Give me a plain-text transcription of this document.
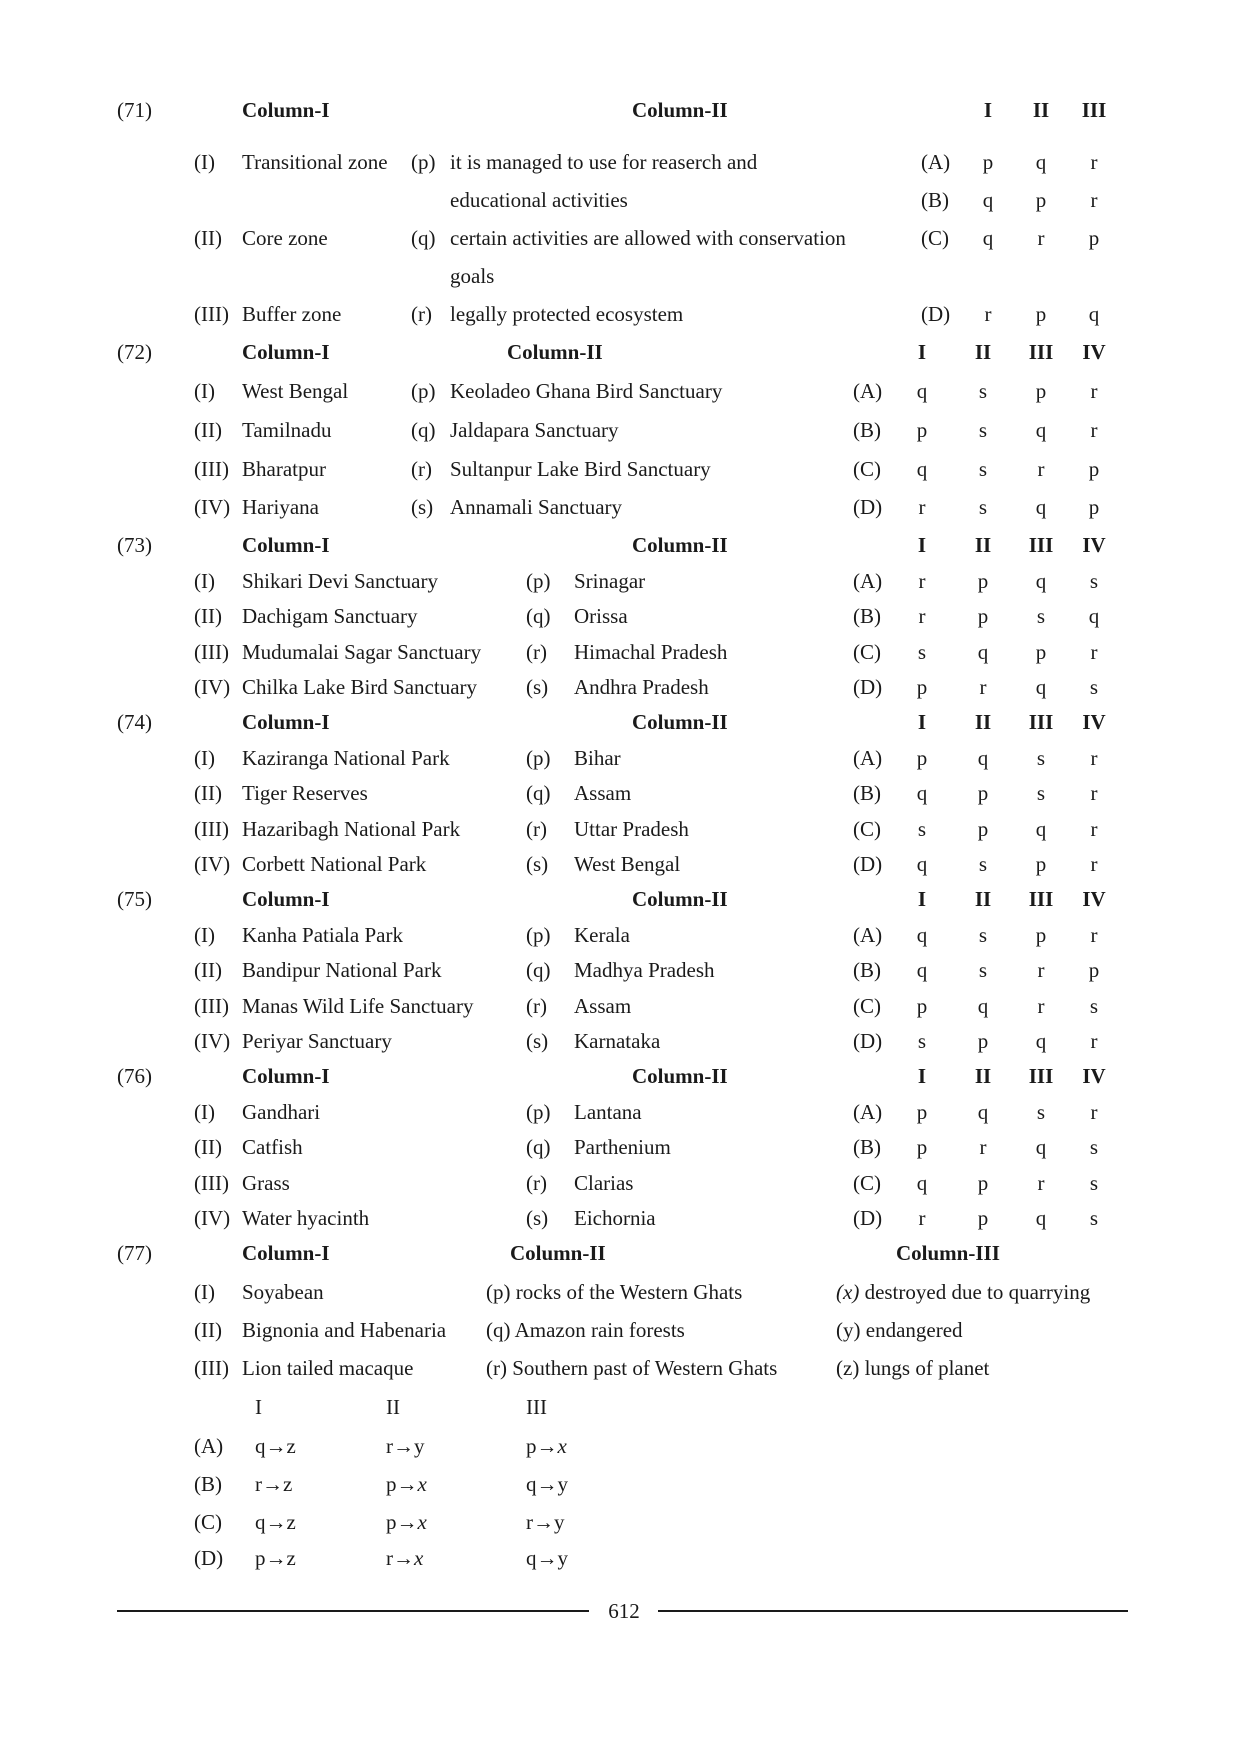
(71)	Column-I	Column-II	I II III
(I) Transitional zone (p) it is managed to use for reaserch and
educational activities
(II) Core zone	(q) certain activities are allowed with conservation
goals
(III) Buffer zone	(r) legally protected ecosystem
(A) p q r
(B) q p r
(C) q r p
(D) r p q
(72)	Column-I	Column-II	I II III IV
(I) West Bengal	(p) Keoladeo Ghana Bird Sanctuary	(A) q s p r
(II) Tamilnadu	(q) Jaldapara Sanctuary	(B) p s q r
(III) Bharatpur	(r) Sultanpur Lake Bird Sanctuary	(C) q s r p
(IV) Hariyana	(s) Annamali Sanctuary	(D) r	s q p
(73)	Column-I	Column-II	I II III IV
(I) Shikari Devi Sanctuary	(p) Srinagar	(A) r p q s
(II) Dachigam Sanctuary	(q) Orissa	(B) r p s q
(III) Mudumalai Sagar Sanctuary (r) Himachal Pradesh	(C) s q p r
(IV) Chilka Lake Bird Sanctuary (s) Andhra Pradesh	(D) p r q s
(74)	Column-I	Column-II	I II III IV
(I) Kaziranga National Park	(p) Bihar	(A) p q s r
(II) Tiger Reserves	(q) Assam	(B) q p s r
(III) Hazaribagh National Park	(r) Uttar Pradesh	(C) s p q r
(IV) Corbett National Park	(s) West Bengal	(D) q s p r
(75)	Column-I	Column-II	I II III IV
(I) Kanha Patiala Park	(p) Kerala	(A) q s p r
(II) Bandipur National Park	(q) Madhya Pradesh	(B) q s r p
(III) Manas Wild Life Sanctuary	(r) Assam	(C) p q r s
(IV) Periyar Sanctuary	(s) Karnataka	(D) s p q r
(76)	Column-I	Column-II	I II III IV
(I) Gandhari	(p) Lantana	(A) p q s r
(II) Catfish	(q) Parthenium	(B) p r q s
(III) Grass	(r) Clarias	(C) q p r s
(IV) Water hyacinth	(s) Eichornia	(D) r p q s
(77)	Column-I	Column-II	Column-III
(I) Soyabean	(p) rocks of the Western Ghats	(x) destroyed due to quarrying
(II) Bignonia and Habenaria (q) Amazon rain forests	(y) endangered
(III) Lion tailed macaque	(r) Southern past of Western Ghats	(z) lungs of planet
I	II	III
(A) q→z	r→y	p→x
(B) r→z	p→x	q→y
(C) q→z	p→x	r→y
(D) p→z	r→x	q→y
612
